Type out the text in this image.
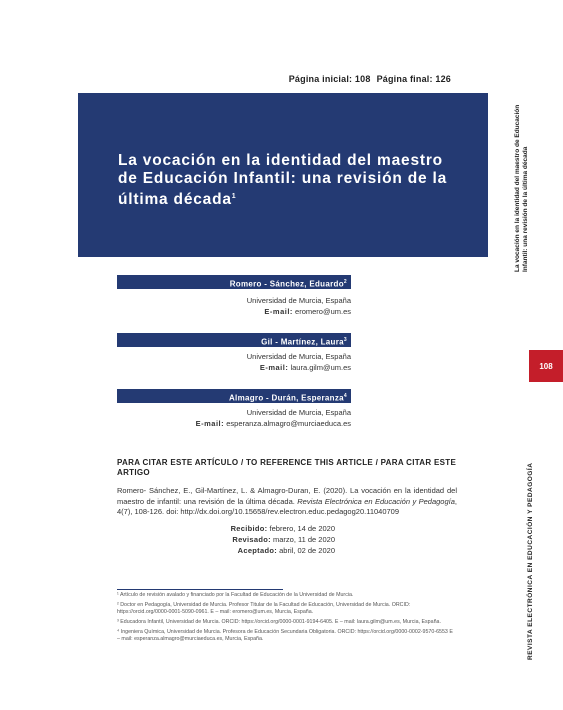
Página inicial: 108 Página final: 126
La vocación en la identidad del maestro
de Educación Infantil: una revisión de la
última década$^1$
Romero - Sánchez, Eduardo$^2$
Universidad de Murcia, España
E-mail: eromero@um.es
Gil - Martínez, Laura$^3$
Universidad de Murcia, España
E-mail: laura.gilm@um.es
Almagro - Durán, Esperanza$^4$
Universidad de Murcia, España
E-mail: esperanza.almagro@murciaeduca.es
PARA CITAR ESTE ARTÍCULO / TO REFERENCE THIS ARTICLE / PARA CITAR ESTE ARTIGO
Romero- Sánchez, E., Gil-Martínez, L. & Almagro-Duran, E. (2020). La vocación en la identidad del maestro de infantil: una revisión de la última década. Revista Electrónica en Educación y Pedagogía, 4(7), 108-126. doi: http://dx.doi.org/10.15658/rev.electron.educ.pedagog20.11040709
Recibido: febrero, 14 de 2020
Revisado: marzo, 11 de 2020
Aceptado: abril, 02 de 2020

¹ Artículo de revisión avalado y financiado por la Facultad de Educación de la Universidad de Murcia.

² Doctor en Pedagogía, Universidad de Murcia. Profesor Titular de la Facultad de Educación, Universidad de Murcia. ORCID: https://orcid.org/0000-0001-5090-0961. E – mail: eromero@um.es, Murcia, España.

³ Educadora Infantil, Universidad de Murcia. ORCID: https://orcid.org/0000-0001-9194-6405. E – mail: laura.gilm@um.es, Murcia, España.

⁴ Ingeniera Química, Universidad de Murcia. Profesora de Educación Secundaria Obligatoria. ORCID: https://orcid.org/0000-0002-9570-6553 E – mail: esperanza.almagro@murciaeduca.es, Murcia, España.

La vocación en la identidad del maestro de Educación Infantil: una revisión de la última década
108
REVISTA ELECTRÓNICA EN EDUCACIÓN Y PEDAGOGÍA
